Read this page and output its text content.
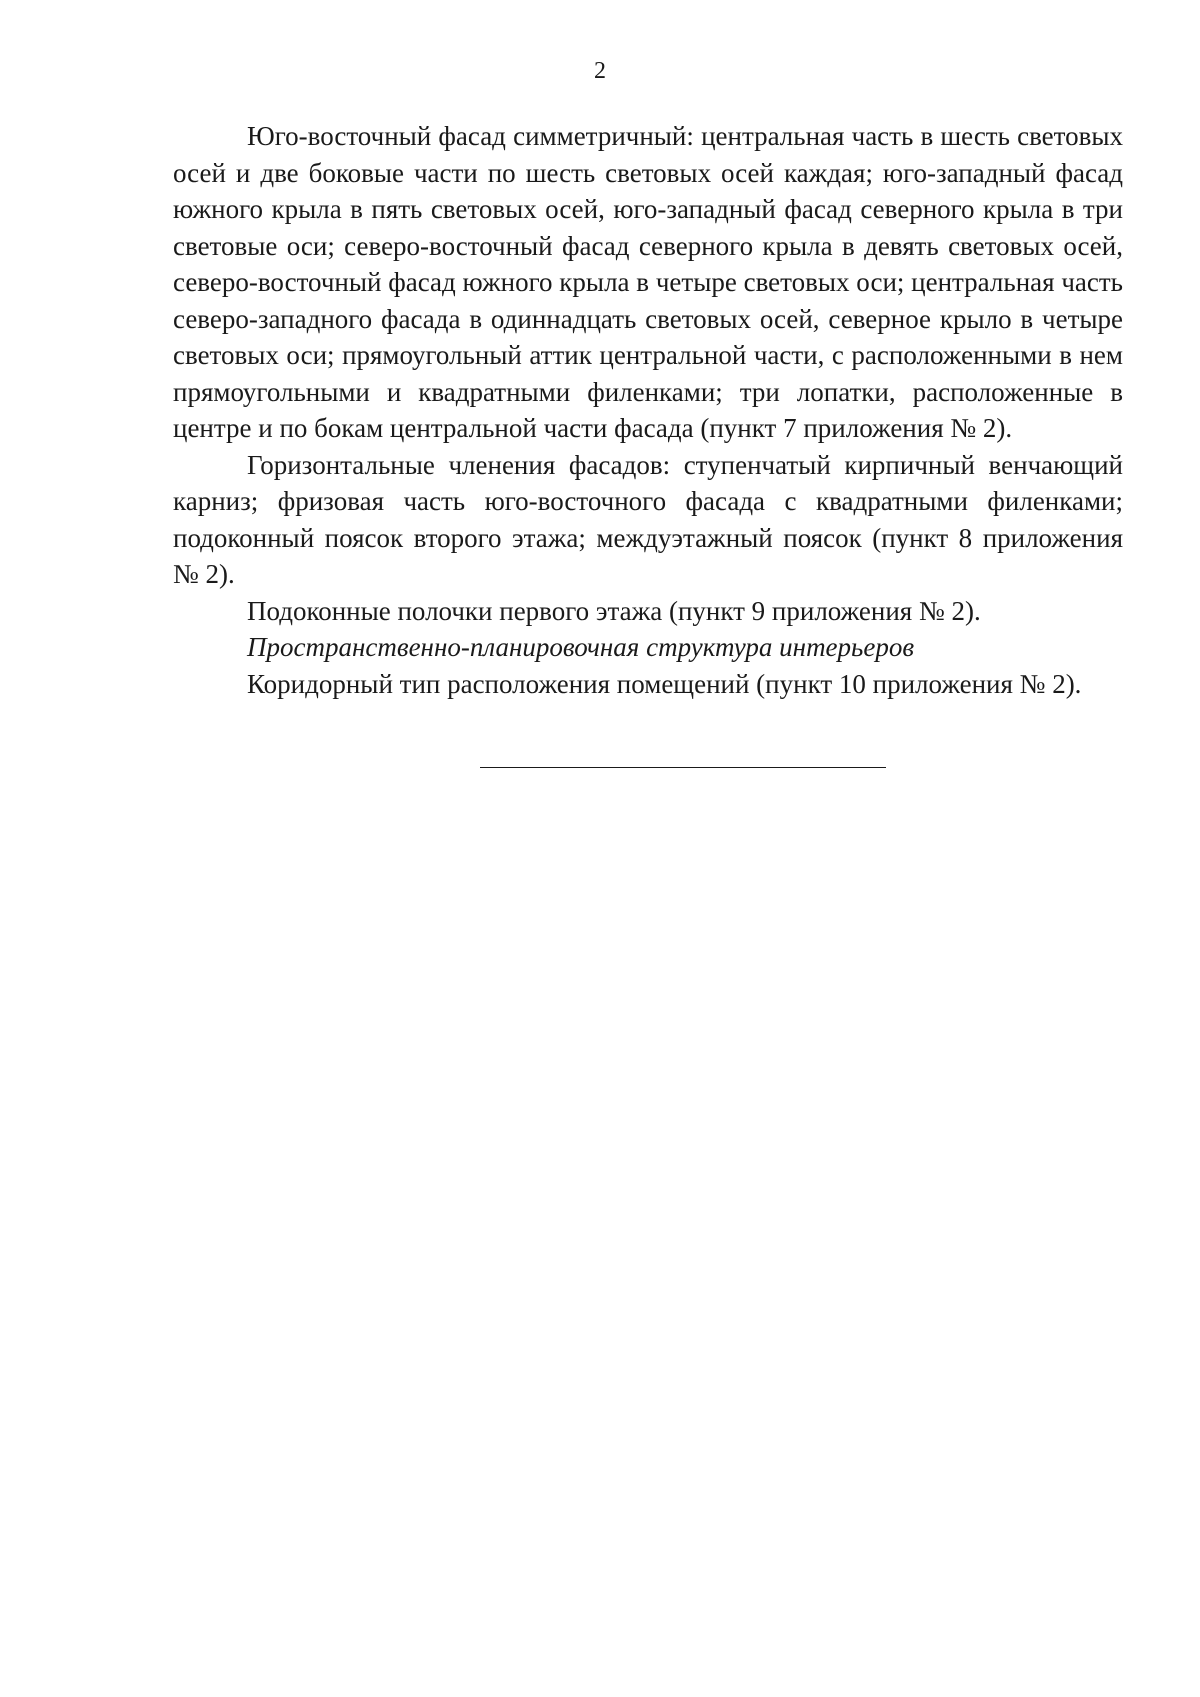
2

Юго-восточный фасад симметричный: центральная часть в шесть световых осей и две боковые части по шесть световых осей каждая; юго-западный фасад южного крыла в пять световых осей, юго-западный фасад северного крыла в три световые оси; северо-восточный фасад северного крыла в девять световых осей, северо-восточный фасад южного крыла в четыре световых оси; центральная часть северо-западного фасада в одиннадцать световых осей, северное крыло в четыре световых оси; прямоугольный аттик центральной части, с расположенными в нем прямоугольными и квадратными филенками; три лопатки, расположенные в центре и по бокам центральной части фасада (пункт 7 приложения № 2).

Горизонтальные членения фасадов: ступенчатый кирпичный венчающий карниз; фризовая часть юго-восточного фасада с квадратными филенками; подоконный поясок второго этажа; междуэтажный поясок (пункт 8 приложения № 2).

Подоконные полочки первого этажа (пункт 9 приложения № 2).

Пространственно-планировочная структура интерьеров

Коридорный тип расположения помещений (пункт 10 приложения № 2).
